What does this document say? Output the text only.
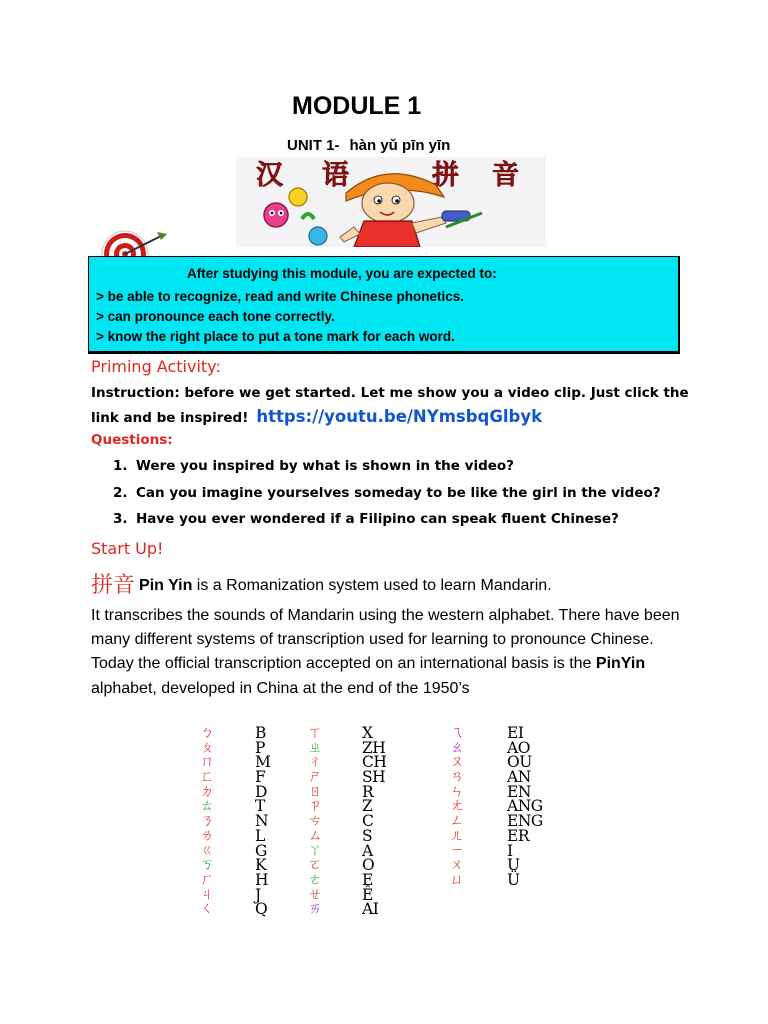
MODULE 1
UNIT 1- hàn yǔ pīn yīn
汉 语	拼 音
After studying this module, you are expected to:
> be able to recognize, read and write Chinese phonetics.
> can pronounce each tone correctly.
> know the right place to put a tone mark for each word.
Priming Activity:
Instruction: before we get started. Let me show you a video clip. Just click the link and be inspired! https://youtu.be/NYmsbqGlbyk
Questions:
1. Were you inspired by what is shown in the video?
2. Can you imagine yourselves someday to be like the girl in the video?
3. Have you ever wondered if a Filipino can speak fluent Chinese?
Start Up!
拼音 Pin Yin is a Romanization system used to learn Mandarin.
It transcribes the sounds of Mandarin using the western alphabet. There have been many different systems of transcription used for learning to pronounce Chinese. Today the official transcription accepted on an international basis is the PinYin alphabet, developed in China at the end of the 1950’s
ㄅ
ㄆ
ㄇ
ㄈ
ㄉ
ㄊ
ㄋ
ㄌ
ㄍ
ㄎ
ㄏ
ㄐ
ㄑ
B
P
M
F
D
T
N
L
G
K
H
J
Q
ㄒ
ㄓ
ㄔ
ㄕ
ㄖ
ㄗ
ㄘ
ㄙ
ㄚ
ㄛ
ㄜ
ㄝ
ㄞ
X
ZH
CH
SH
R
Z
C
S
A
O
E
Ê
AI
ㄟ
ㄠ
ㄡ
ㄢ
ㄣ
ㄤ
ㄥ
ㄦ
ㄧ
ㄨ
ㄩ
EI
AO
OU
AN
EN
ANG
ENG
ER
I
U
Ü
